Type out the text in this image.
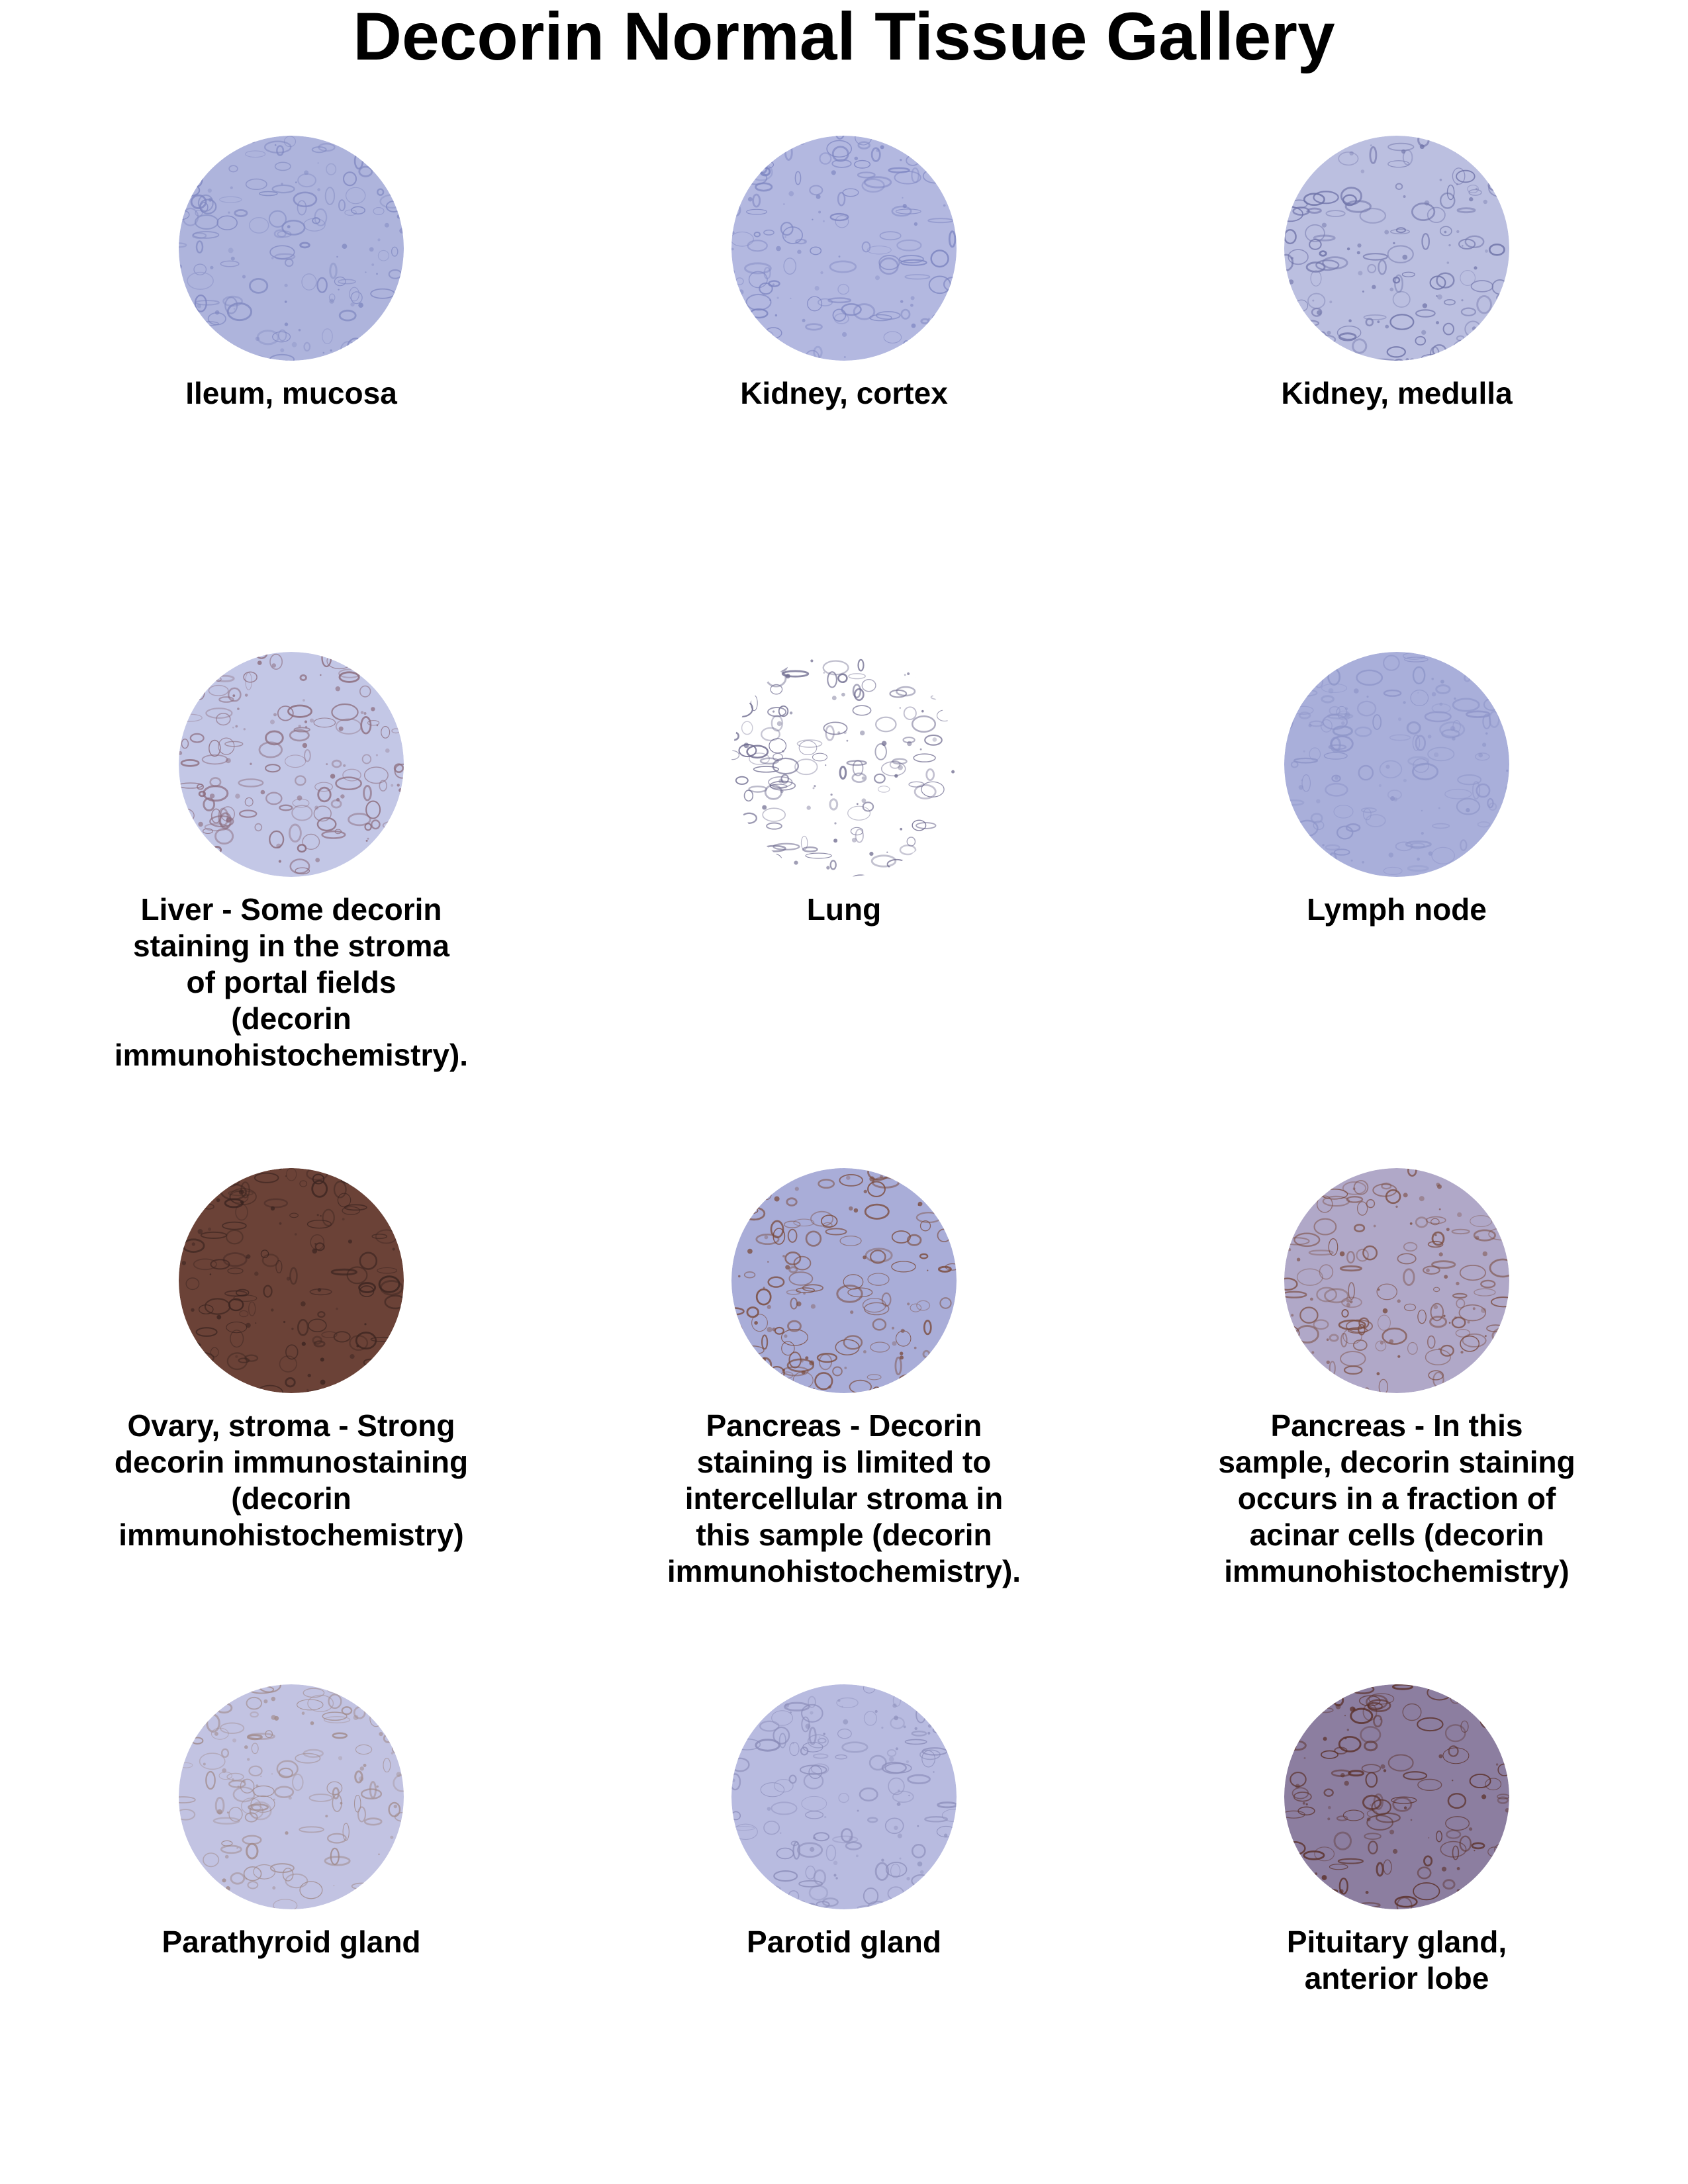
Decorin Normal Tissue Gallery
Ileum, mucosa	Kidney, cortex	Kidney, medulla
Liver - Some decorin
staining in the stroma
of portal fields
(decorin
immunohistochemistry).
Lung	Lymph node
Ovary, stroma - Strong
decorin immunostaining
(decorin
immunohistochemistry)
Pancreas - Decorin
staining is limited to
intercellular stroma in
this sample (decorin
immunohistochemistry).
Pancreas - In this
sample, decorin staining
occurs in a fraction of
acinar cells (decorin
immunohistochemistry)
Parathyroid gland	Parotid gland	Pituitary gland,
anterior lobe
